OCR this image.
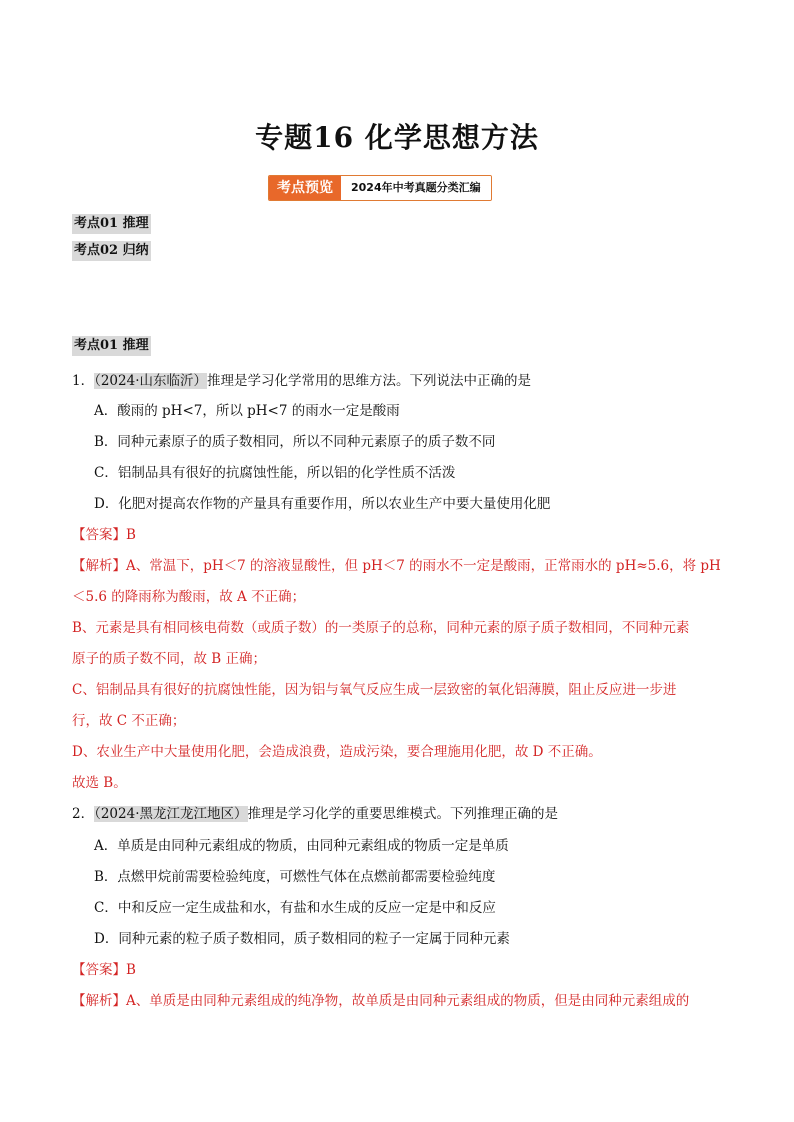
专题16 化学思想方法
考点预览	2024年中考真题分类汇编
考点01 推理
考点02 归纳
考点01 推理
1．（2024·山东临沂）推理是学习化学常用的思维方法。下列说法中正确的是
A．酸雨的 pH<7，所以 pH<7 的雨水一定是酸雨
B．同种元素原子的质子数相同，所以不同种元素原子的质子数不同
C．铝制品具有很好的抗腐蚀性能，所以铝的化学性质不活泼
D．化肥对提高农作物的产量具有重要作用，所以农业生产中要大量使用化肥
【答案】B
【解析】A、常温下，pH＜7 的溶液显酸性，但 pH＜7 的雨水不一定是酸雨，正常雨水的 pH≈5.6，将 pH
＜5.6 的降雨称为酸雨，故 A 不正确；
B、元素是具有相同核电荷数（或质子数）的一类原子的总称，同种元素的原子质子数相同，不同种元素
原子的质子数不同，故 B 正确；
C、铝制品具有很好的抗腐蚀性能，因为铝与氧气反应生成一层致密的氧化铝薄膜，阻止反应进一步进
行，故 C 不正确；
D、农业生产中大量使用化肥，会造成浪费，造成污染，要合理施用化肥，故 D 不正确。
故选 B。
2．（2024·黑龙江龙江地区）推理是学习化学的重要思维模式。下列推理正确的是
A．单质是由同种元素组成的物质，由同种元素组成的物质一定是单质
B．点燃甲烷前需要检验纯度，可燃性气体在点燃前都需要检验纯度
C．中和反应一定生成盐和水，有盐和水生成的反应一定是中和反应
D．同种元素的粒子质子数相同，质子数相同的粒子一定属于同种元素
【答案】B
【解析】A、单质是由同种元素组成的纯净物，故单质是由同种元素组成的物质，但是由同种元素组成的
